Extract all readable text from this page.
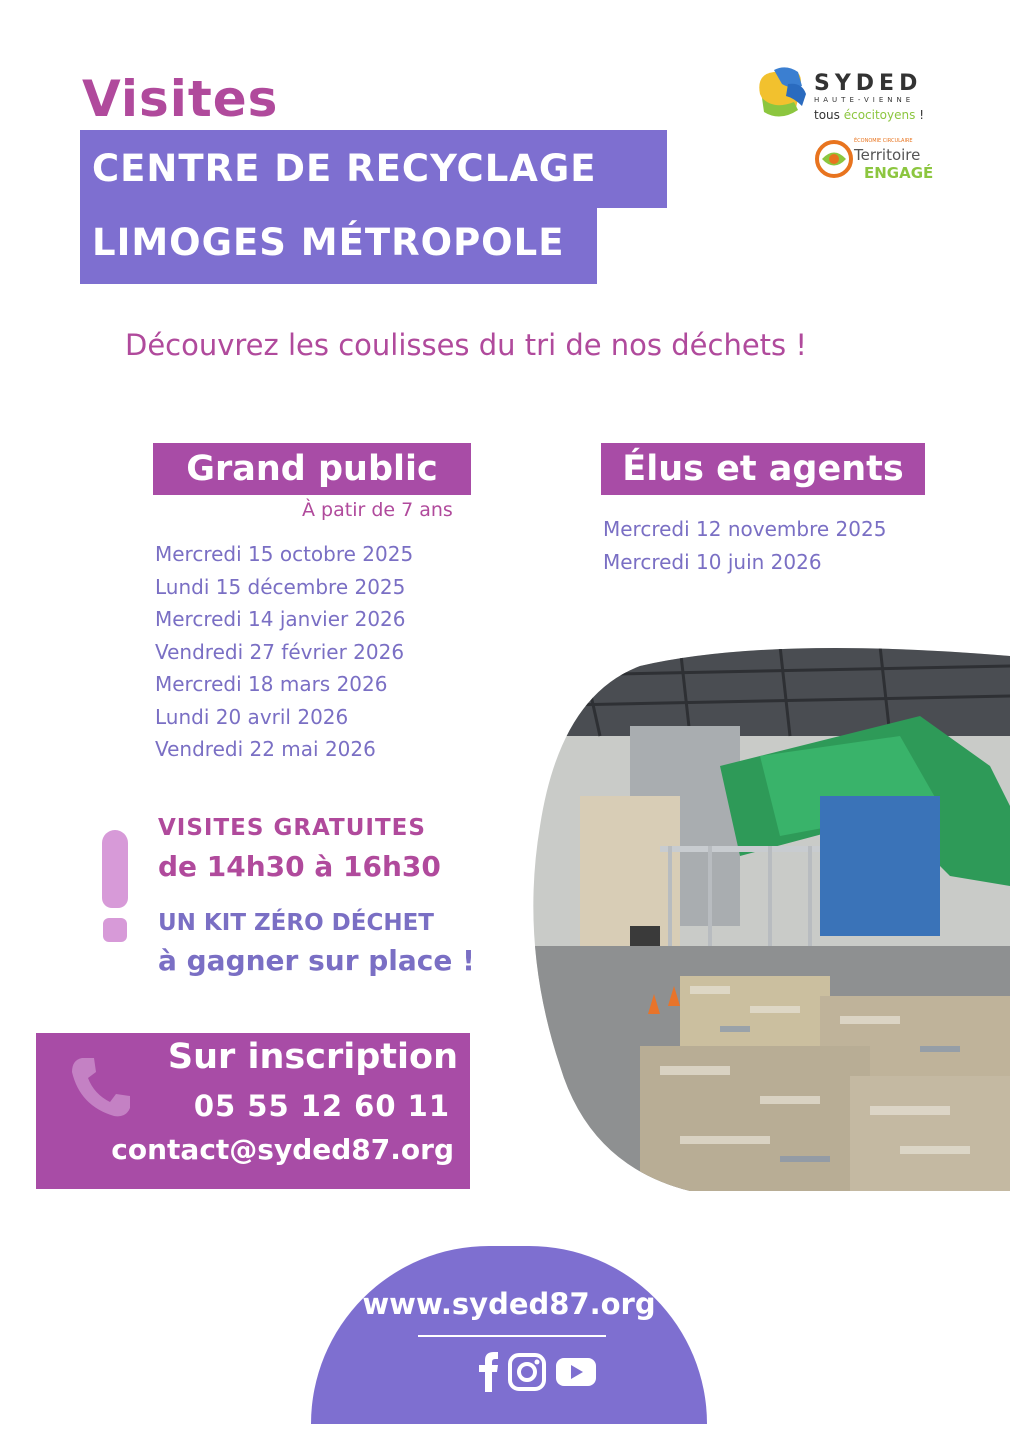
Visites
CENTRE DE RECYCLAGE
LIMOGES MÉTROPOLE
SYDED
HAUTE-VIENNE
tous écocitoyens !
ÉCONOMIE CIRCULAIRE
Territoire
ENGAGÉ
Découvrez les coulisses du tri de nos déchets !
Grand public
À patir de 7 ans
Mercredi 15 octobre 2025
Lundi 15 décembre 2025
Mercredi 14 janvier 2026
Vendredi 27 février 2026
Mercredi 18 mars 2026
Lundi 20 avril 2026
Vendredi 22 mai 2026
Élus et agents
Mercredi 12 novembre 2025
Mercredi 10 juin 2026
VISITES GRATUITES
de 14h30 à 16h30
UN KIT ZÉRO DÉCHET
à gagner sur place !
Sur inscription
05 55 12 60 11
contact@syded87.org
www.syded87.org
